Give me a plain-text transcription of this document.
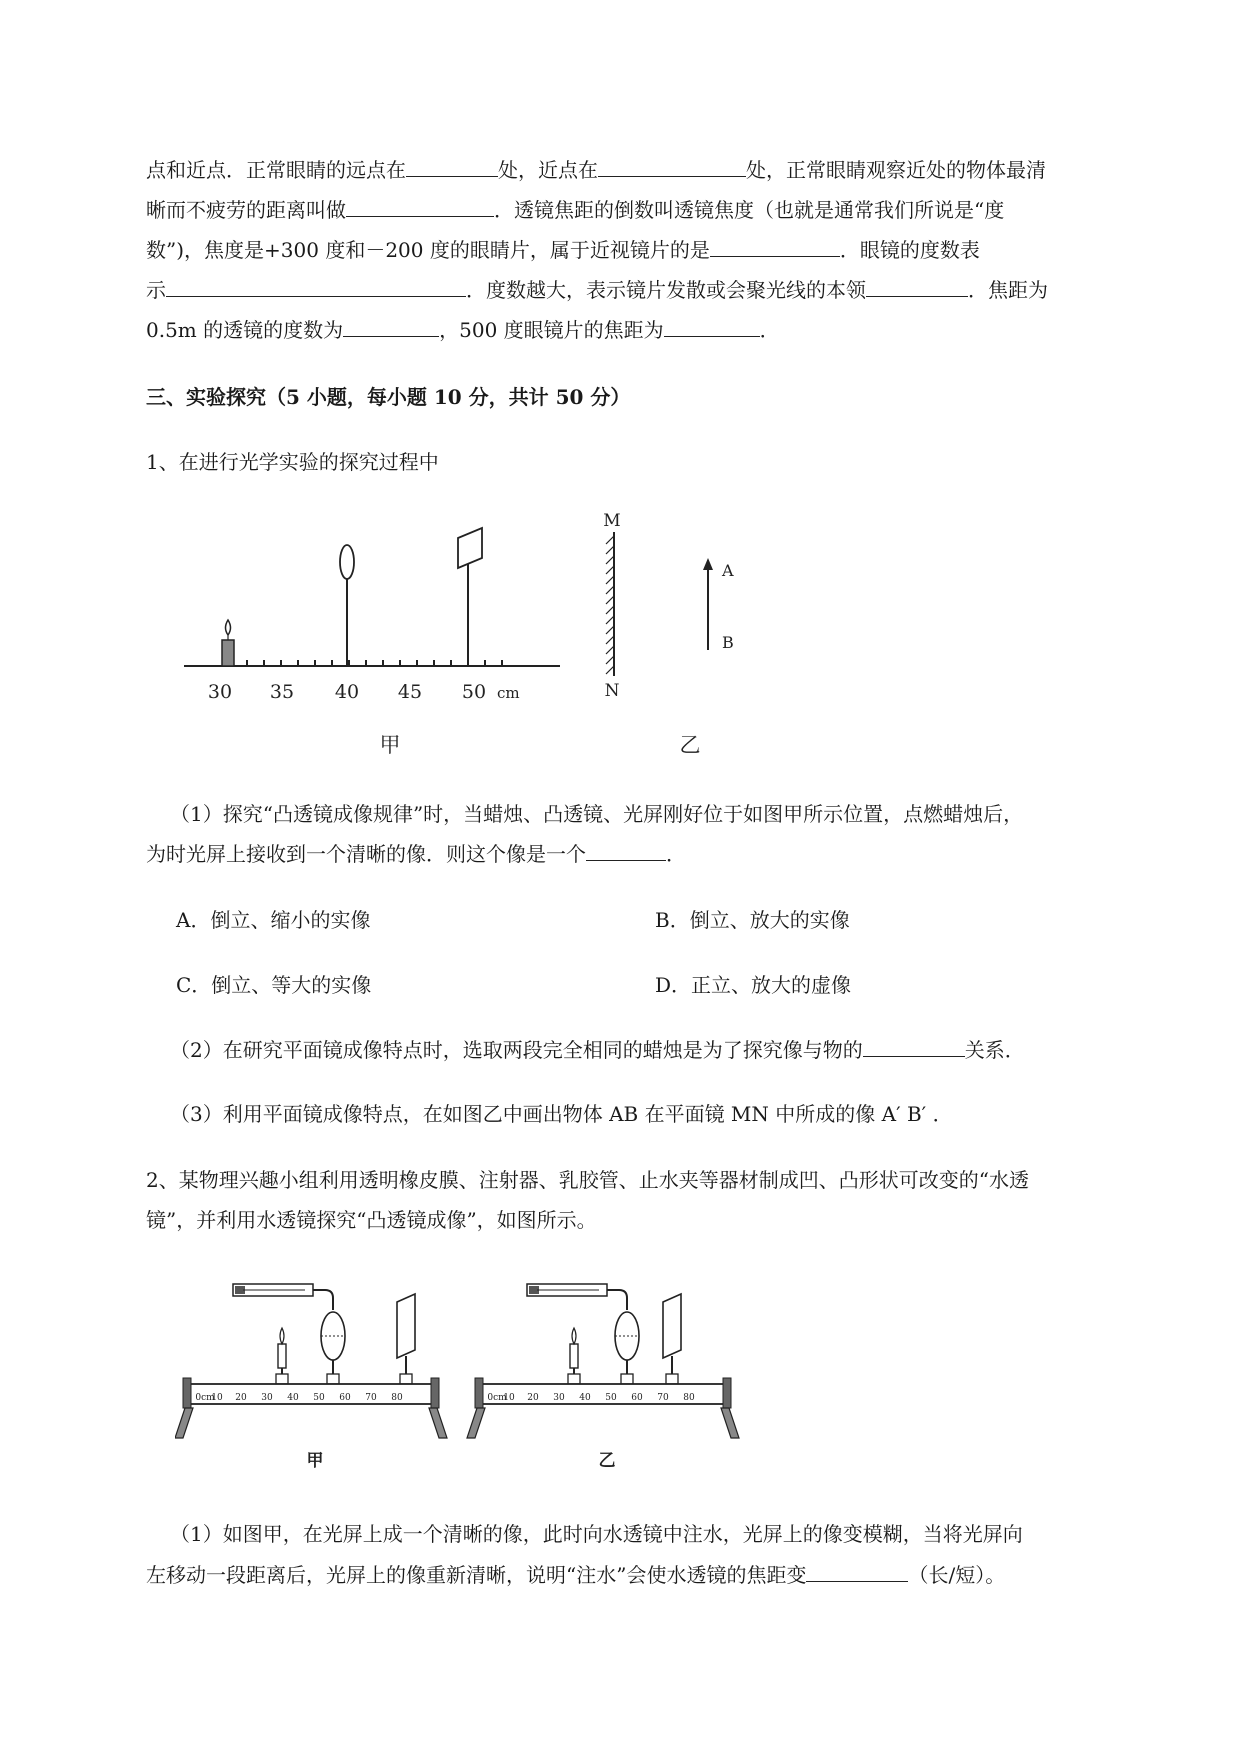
点和近点．正常眼睛的远点在	处，近点在	处，正常眼睛观察近处的物体最清
晰而不疲劳的距离叫做	．透镜焦距的倒数叫透镜焦度（也就是通常我们所说是“度
数”)，焦度是+300 度和－200 度的眼睛片，属于近视镜片的是	．眼镜的度数表
示	．度数越大，表示镜片发散或会聚光线的本领	．焦距为
0.5m 的透镜的度数为	，500 度眼镜片的焦距为	．
三、实验探究（5 小题，每小题 10 分，共计 50 分）
1、在进行光学实验的探究过程中
30 35 40 45 50 cm
甲
M
N
A
B
乙
（1）探究“凸透镜成像规律”时，当蜡烛、凸透镜、光屏刚好位于如图甲所示位置，点燃蜡烛后，
为时光屏上接收到一个清晰的像．则这个像是一个	．
A．倒立、缩小的实像	B．倒立、放大的实像
C．倒立、等大的实像	D．正立、放大的虚像
（2）在研究平面镜成像特点时，选取两段完全相同的蜡烛是为了探究像与物的	关系．
（3）利用平面镜成像特点，在如图乙中画出物体 AB 在平面镜 MN 中所成的像 A′ B′ ．
2、某物理兴趣小组利用透明橡皮膜、注射器、乳胶管、止水夹等器材制成凹、凸形状可改变的“水透
镜”，并利用水透镜探究“凸透镜成像”，如图所示。
0cm
10 20 30 40 50 60 70 80
甲
0cm
10 20 30 40 50 60 70 80
乙
（1）如图甲，在光屏上成一个清晰的像，此时向水透镜中注水，光屏上的像变模糊，当将光屏向
左移动一段距离后，光屏上的像重新清晰，说明“注水”会使水透镜的焦距变	（长/短）。
